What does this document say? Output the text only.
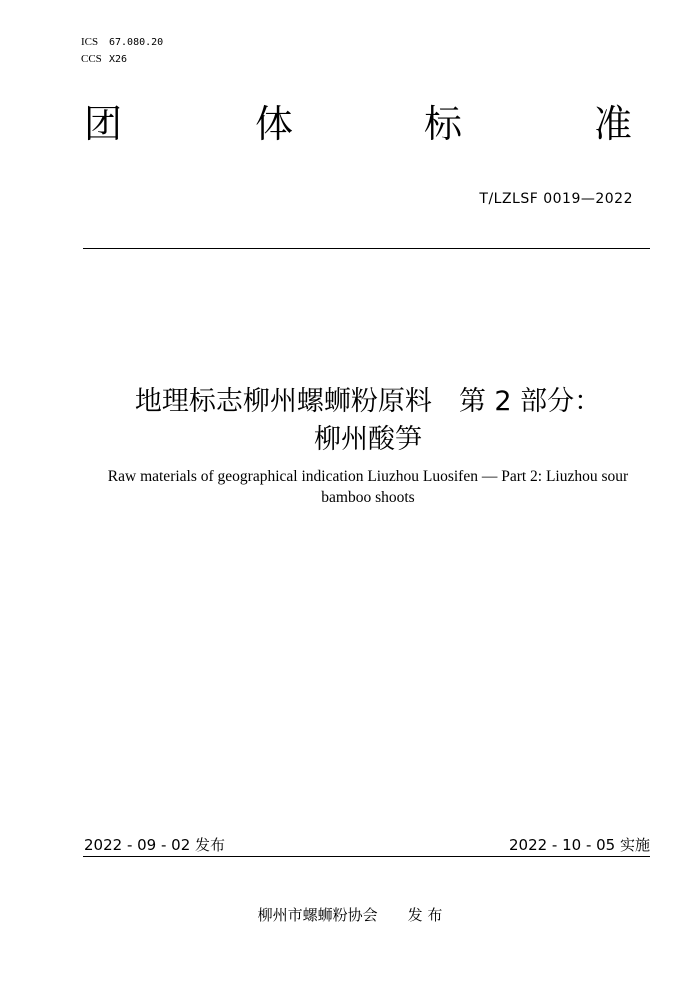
ICS 67.080.20
CCS X26
团	体	标	准
T/LZLSF 0019—2022
地理标志柳州螺蛳粉原料　第 2 部分：
柳州酸笋
Raw materials of geographical indication Liuzhou Luosifen — Part 2: Liuzhou sour
bamboo shoots
2022 - 09 - 02 发布	2022 - 10 - 05 实施
柳州市螺蛳粉协会 发 布
